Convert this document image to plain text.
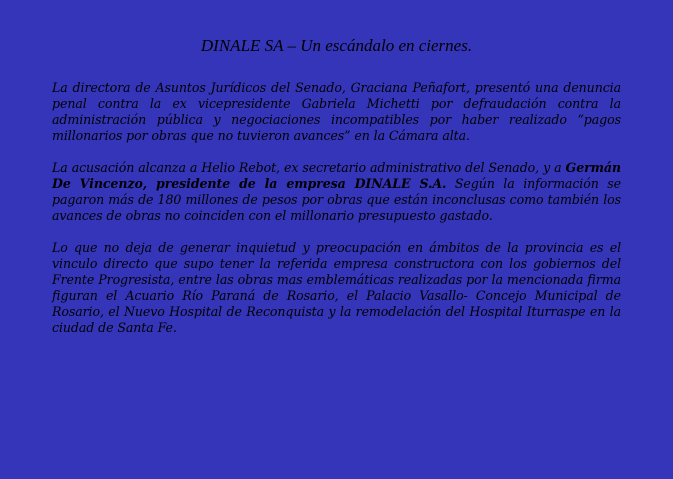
DINALE SA – Un escándalo en ciernes.

La directora de Asuntos Jurídicos del Senado, Graciana Peñafort, presentó una denuncia penal contra la ex vicepresidente Gabriela Michetti por defraudación contra la administración pública y negociaciones incompatibles por haber realizado “pagos millonarios por obras que no tuvieron avances” en la Cámara alta.

La acusación alcanza a Helio Rebot, ex secretario administrativo del Senado, y a Germán De Vincenzo, presidente de la empresa DINALE S.A. Según la información se pagaron más de 180 millones de pesos por obras que están inconclusas como también los avances de obras no coinciden con el millonario presupuesto gastado.

Lo que no deja de generar inquietud y preocupación en ámbitos de la provincia es el vinculo directo que supo tener la referida empresa constructora con los gobiernos del Frente Progresista, entre las obras mas emblemáticas realizadas por la mencionada firma figuran el Acuario Río Paraná de Rosario, el Palacio Vasallo- Concejo Municipal de Rosario, el Nuevo Hospital de Reconquista y la remodelación del Hospital Iturraspe en la ciudad de Santa Fe.
